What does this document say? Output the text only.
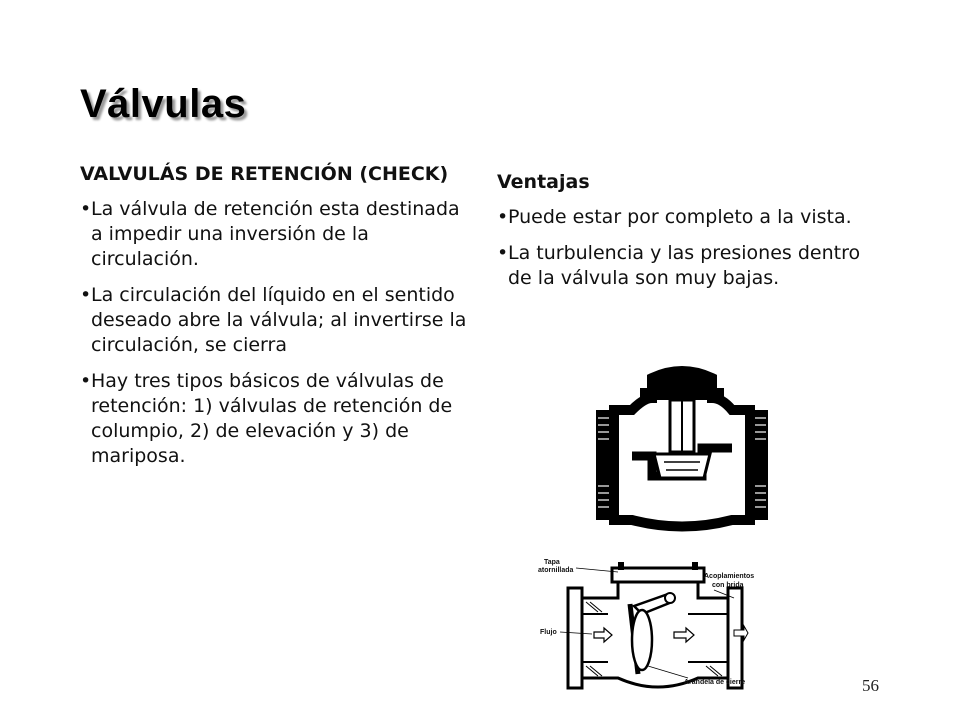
Válvulas
VALVULÁS DE RETENCIÓN (CHECK)
• La válvula de retención esta destinada a impedir una inversión de la circulación.
• La circulación del líquido en el sentido deseado abre la válvula; al invertirse la circulación, se cierra
• Hay tres tipos básicos de válvulas de retención: 1) válvulas de retención de columpio, 2) de elevación y 3) de mariposa.
Ventajas
• Puede estar por completo a la vista.
• La turbulencia y las presiones dentro de la válvula son muy bajas.
Tapa
atornillada
Acoplamientos
con brida
Flujo
Arandela de cierre	56
